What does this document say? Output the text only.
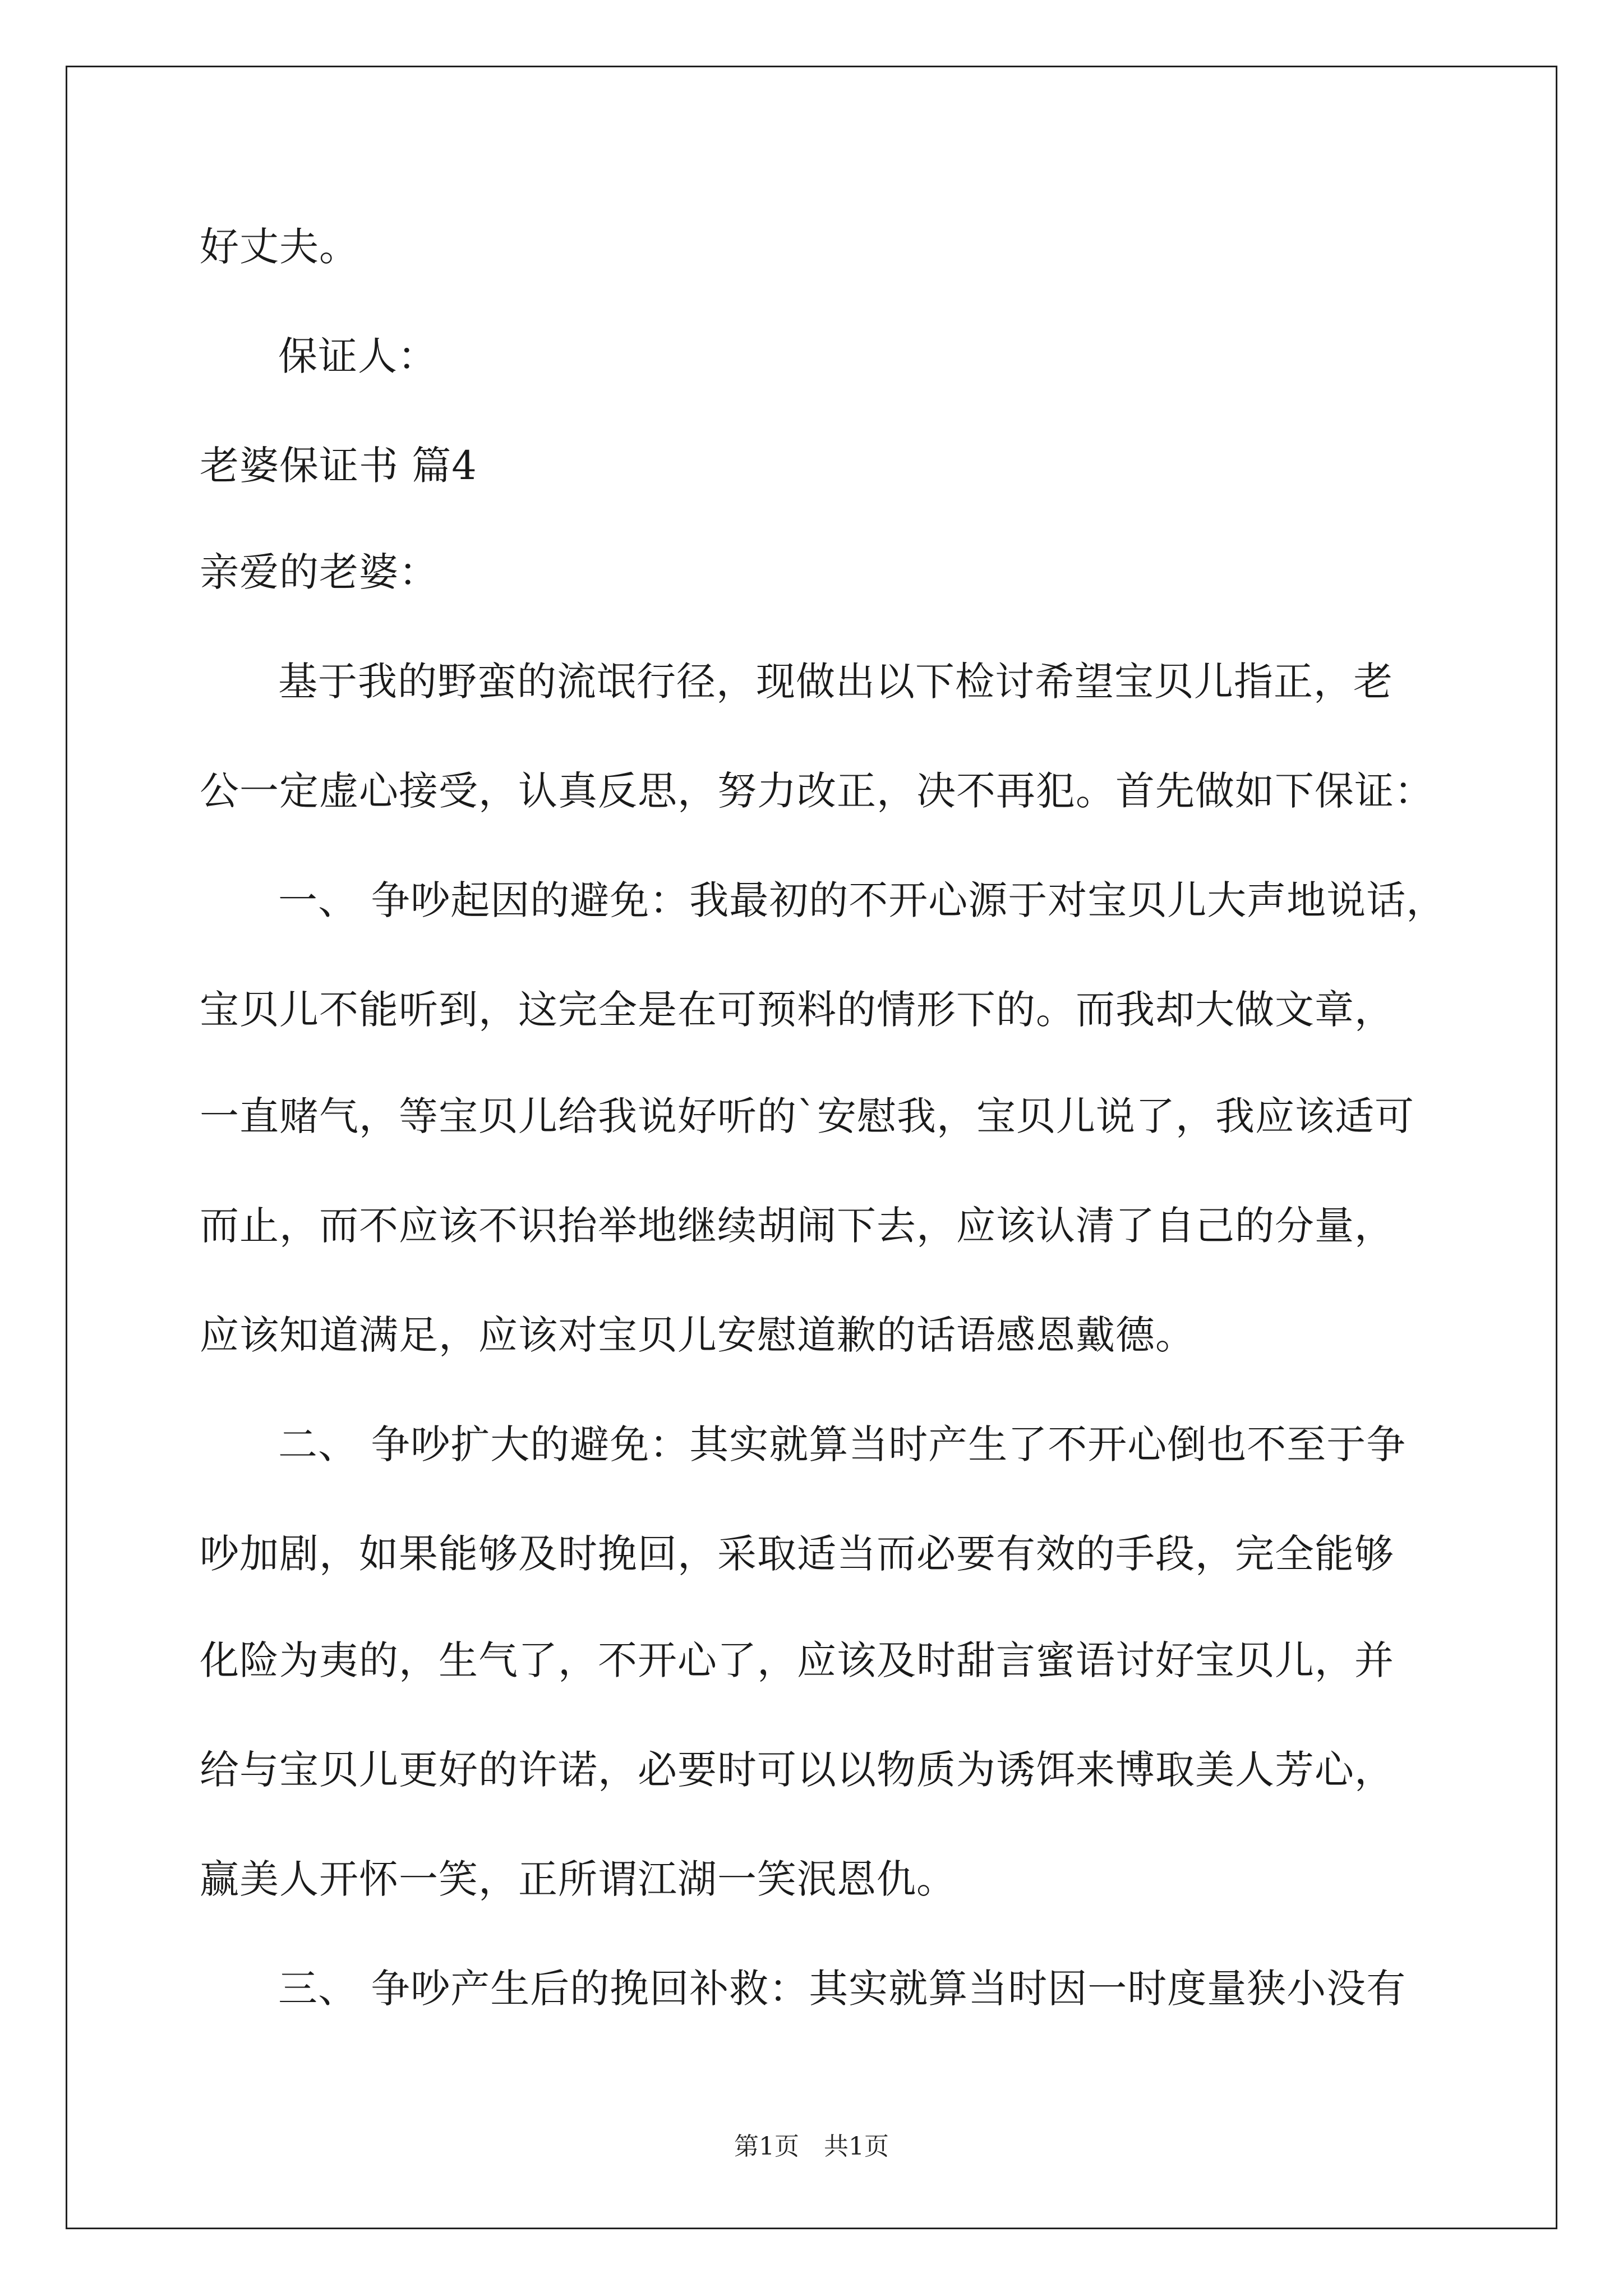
好丈夫。
保证人：
老婆保证书 篇4
亲爱的老婆：
基于我的野蛮的流氓行径，现做出以下检讨希望宝贝儿指正，老
公一定虚心接受，认真反思，努力改正，决不再犯。首先做如下保证：
一、 争吵起因的避免：我最初的不开心源于对宝贝儿大声地说话，
宝贝儿不能听到，这完全是在可预料的情形下的。而我却大做文章，
一直赌气，等宝贝儿给我说好听的`安慰我，宝贝儿说了，我应该适可
而止，而不应该不识抬举地继续胡闹下去，应该认清了自己的分量，
应该知道满足，应该对宝贝儿安慰道歉的话语感恩戴德。
二、 争吵扩大的避免：其实就算当时产生了不开心倒也不至于争
吵加剧，如果能够及时挽回，采取适当而必要有效的手段，完全能够
化险为夷的，生气了，不开心了，应该及时甜言蜜语讨好宝贝儿，并
给与宝贝儿更好的许诺，必要时可以以物质为诱饵来博取美人芳心，
赢美人开怀一笑，正所谓江湖一笑泯恩仇。
三、 争吵产生后的挽回补救：其实就算当时因一时度量狭小没有
第1页　共1页
